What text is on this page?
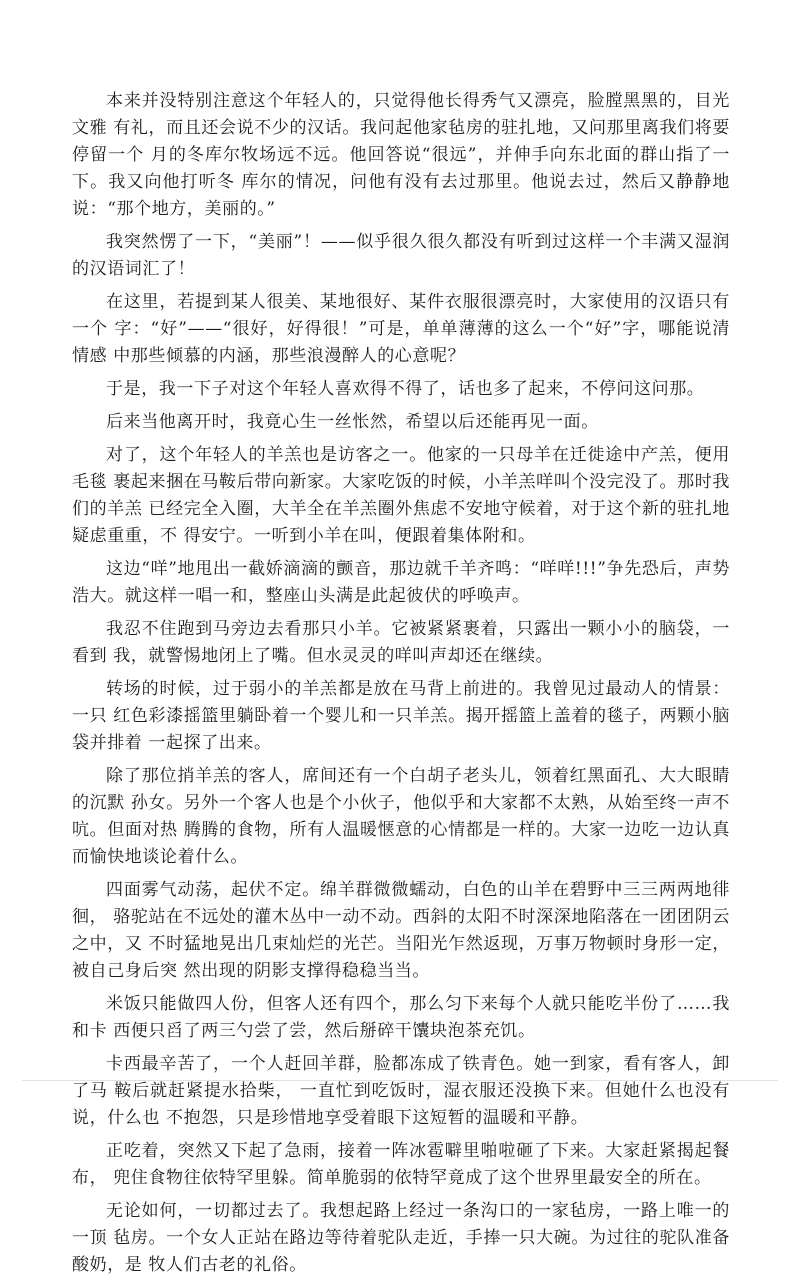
本来并没特别注意这个年轻人的，只觉得他长得秀气又漂亮，脸膛黑黑的，目光文雅 有礼，而且还会说不少的汉话。我问起他家毡房的驻扎地，又问那里离我们将要停留一个 月的冬库尔牧场远不远。他回答说“很远”，并伸手向东北面的群山指了一下。我又向他打听冬 库尔的情况，问他有没有去过那里。他说去过，然后又静静地说：“那个地方，美丽的。”

我突然愣了一下，“美丽”！——似乎很久很久都没有听到过这样一个丰满又湿润的汉语词汇了！

在这里，若提到某人很美、某地很好、某件衣服很漂亮时，大家使用的汉语只有一个 字：“好”——“很好，好得很！”可是，单单薄薄的这么一个“好”字，哪能说清情感 中那些倾慕的内涵，那些浪漫醉人的心意呢？

于是，我一下子对这个年轻人喜欢得不得了，话也多了起来，不停问这问那。

后来当他离开时，我竟心生一丝怅然，希望以后还能再见一面。

对了，这个年轻人的羊羔也是访客之一。他家的一只母羊在迁徙途中产羔，便用毛毯 裹起来捆在马鞍后带向新家。大家吃饭的时候，小羊羔咩叫个没完没了。那时我们的羊羔 已经完全入圈，大羊全在羊羔圈外焦虑不安地守候着，对于这个新的驻扎地疑虑重重，不 得安宁。一听到小羊在叫，便跟着集体附和。

这边“咩”地甩出一截娇滴滴的颤音，那边就千羊齐鸣：“咩咩!!!”争先恐后，声势浩大。就这样一唱一和，整座山头满是此起彼伏的呼唤声。

我忍不住跑到马旁边去看那只小羊。它被紧紧裹着，只露出一颗小小的脑袋，一看到 我，就警惕地闭上了嘴。但水灵灵的咩叫声却还在继续。

转场的时候，过于弱小的羊羔都是放在马背上前进的。我曾见过最动人的情景：一只 红色彩漆摇篮里躺卧着一个婴儿和一只羊羔。揭开摇篮上盖着的毯子，两颗小脑袋并排着 一起探了出来。

除了那位捎羊羔的客人，席间还有一个白胡子老头儿，领着红黑面孔、大大眼睛的沉默 孙女。另外一个客人也是个小伙子，他似乎和大家都不太熟，从始至终一声不吭。但面对热 腾腾的食物，所有人温暖惬意的心情都是一样的。大家一边吃一边认真而愉快地谈论着什么。

四面雾气动荡，起伏不定。绵羊群微微蠕动，白色的山羊在碧野中三三两两地徘徊， 骆驼站在不远处的灌木丛中一动不动。西斜的太阳不时深深地陷落在一团团阴云之中，又 不时猛地晃出几束灿烂的光芒。当阳光乍然返现，万事万物顿时身形一定，被自己身后突 然出现的阴影支撑得稳稳当当。

米饭只能做四人份，但客人还有四个，那么匀下来每个人就只能吃半份了……我和卡 西便只舀了两三勺尝了尝，然后掰碎干馕块泡茶充饥。

卡西最辛苦了，一个人赶回羊群，脸都冻成了铁青色。她一到家，看有客人，卸了马 鞍后就赶紧提水拾柴， 一直忙到吃饭时，湿衣服还没换下来。但她什么也没有说，什么也 不抱怨，只是珍惜地享受着眼下这短暂的温暖和平静。

正吃着，突然又下起了急雨，接着一阵冰雹噼里啪啦砸了下来。大家赶紧揭起餐布， 兜住食物往依特罕里躲。简单脆弱的依特罕竟成了这个世界里最安全的所在。

无论如何，一切都过去了。我想起路上经过一条沟口的一家毡房，一路上唯一的一顶 毡房。一个女人正站在路边等待着驼队走近，手捧一只大碗。为过往的驼队准备酸奶，是 牧人们古老的礼俗。
